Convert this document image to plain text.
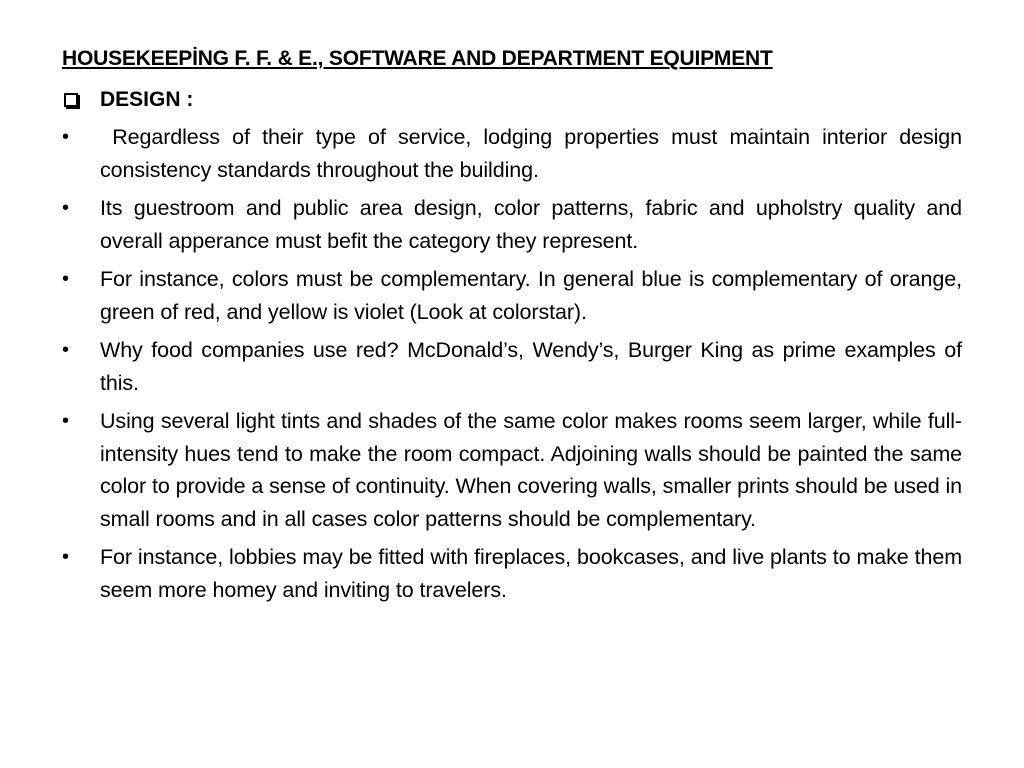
HOUSEKEEPİNG F. F. & E., SOFTWARE AND DEPARTMENT EQUIPMENT
DESIGN :
• Regardless of their type of service, lodging properties must maintain interior design consistency standards throughout the building.
• Its guestroom and public area design, color patterns, fabric and upholstry quality and overall apperance must befit the category they represent.
• For instance, colors must be complementary. In general blue is complementary of orange, green of red, and yellow is violet (Look at colorstar).
• Why food companies use red? McDonald’s, Wendy’s, Burger King as prime examples of this.
• Using several light tints and shades of the same color makes rooms seem larger, while full-intensity hues tend to make the room compact. Adjoining walls should be painted the same color to provide a sense of continuity. When covering walls, smaller prints should be used in small rooms and in all cases color patterns should be complementary.
• For instance, lobbies may be fitted with fireplaces, bookcases, and live plants to make them seem more homey and inviting to travelers.
